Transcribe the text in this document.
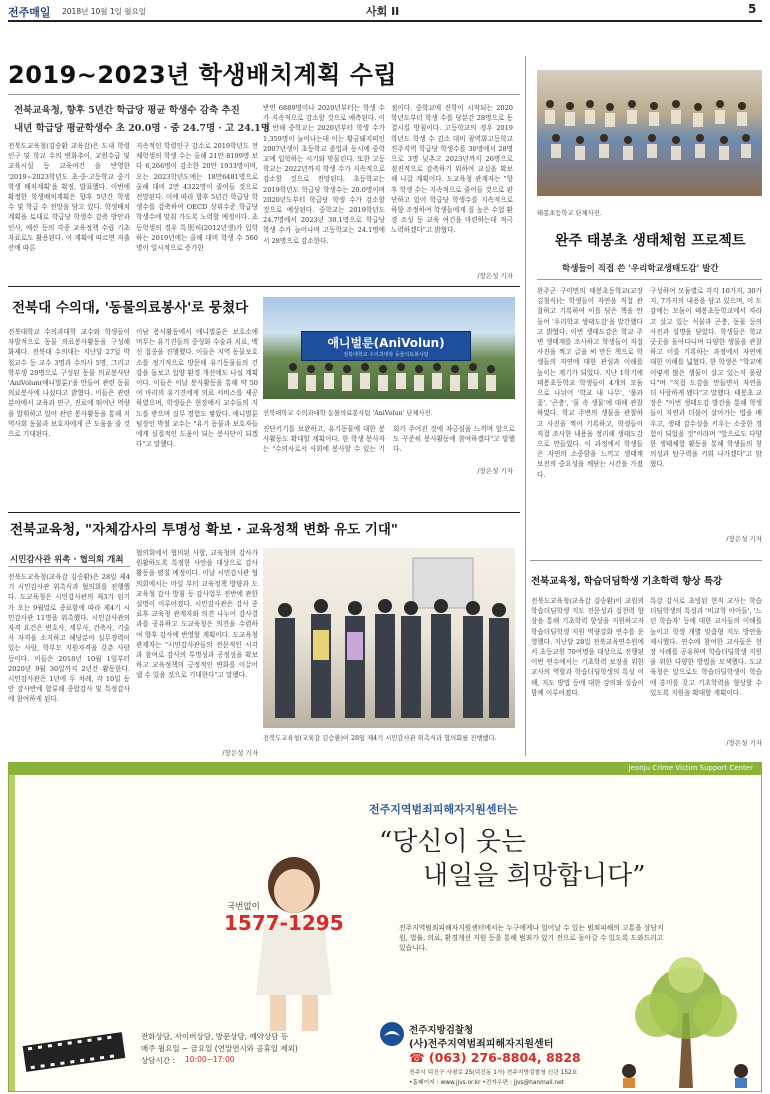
전주매일 2018년 10월 1일 월요일	사회 II	5
2019∼2023년 학생배치계획 수립
전북교육청, 향후 5년간 학급당 평균 학생수 감축 추진
내년 학급당 평균학생수 초 20.0명 · 중 24.7명 · 고 24.1명
전북도교육청(김승환 교육감)은 도내 학령인구 및 학교 수의 변화추이, 교원수급 및 교육시설 등 교육여건 을 반영한 '2019~2023학년도 초·중·고등학교 중기학생 배치계획'을 확정, 발표했다. 이번에 확정한 학생배치계획은 향후 5년간 학생 수 및 학급 수 전망을 담고 있다. 학생배치계획을 토대로 학급당 학생수 감축 방안과 인사, 예산 등의 각종 교육정책 수립 기초 자료로도 활용된다. 이 계획에 따르면 저출산에 따른
지속적인 학령인구 감소로 2019학년도 전체학생의 학생 수는 올해 21만 8199명 보다 6,266명이 감소한 20만 1933명이며, 오는 2023학년도에는 18만6481명으로 올해 대비 2만 4322명이 줄어들 것으로 전망된다. 이에 따라 향후 5년간 학급당 학생수를 감축하여 OECD 상위수준 학급당 학생수에 맞춰 가도록 노력할 예정이다. 초등학생의 경우 특別히(2012년생)가 입학하는 2019년에는 올해 대비 학생 수 560명이 일시적으로 증가한
반면 6889명이나 2020년부터는 학생 수가 지속적으로 감소할 것으로 예측된다. 이에 반해 중학교는 2020년부터 학생 수가 1,359명이 늘어나는데 이는 황금돼지띠인 2007년생이 초등학교 졸업과 동시에 중학교에 입학하는 시기와 맞물린다. 또한 고등학교는 2022년까지 학생 수가 지속적으로 감소할 것으로 전망된다. 초등학교는 2019학년도 학급당 학생수는 20.0명이며 2020년도부터 학급당 학생 수가 감소할 것으로 예상된다. 중학교는 2019학년도 24.7명에서 2023년 30.1명으로 학급당 학생 수가 늘어나며 고등학교는 24.1명에서 28명으로 감소한다.
점이다. 중학교에 진학이 시작되는 2020학년도부터 학생 수를 당분간 28명으로 동결시킬 방침이다. 고등학교의 경우 2019학년도 학생 수 감소 대비 광역화고등학교 진주지역 학급당 학생수를 30명에서 28명으로 3명 낮추고 2023년까지 26명으로 점진적으로 감축하기 위하여 교실을 확보해 나갈 계획이다. 도교육청 관계자는 "향후 학생 수는 지속적으로 줄어들 것으로 판단하고 있어 학급당 학생수를 지속적으로 하향 조정하여 학생들에게 질 높은 수업 환경 조성 등 교육 여건을 마련하는데 적극 노력하겠다"고 밝혔다.
/장은성 기자
태봉초등학교 단체사진.
완주 태봉초 생태체험 프로젝트
학생들이 직접 쓴 '우리학교생태도감' 발간
완주군 구이면의 태봉초등학교(교장 김철식)는 학생들이 자연을 직접 관찰하고 기록하여 이를 담은 책을 만들어 '우리학교 생태도감'을 발간했다고 밝혔다. 이번 생태도감은 학교 주변 생태계를 조사하고 학생들이 직접 사진을 찍고 글을 써 만든 책으로 학생들의 자연에 대한 관심과 이해를 높이는 계기가 되었다. 지난 1학기에 태봉초등학교 학생들이 4개의 모둠으로 나뉘어 '학교 내 나무', '풀과 꽃', '곤충', '물 속 생물'에 대해 관찰하였다. 학교 주변의 생물을 관찰하고 사진을 찍어 기록하고, 학생들이 직접 조사한 내용을 정리해 생태도감으로 만들었다. 이 과정에서 학생들은 자연의 소중함을 느끼고 생태계 보전의 중요성을 깨닫는 시간을 가졌다.
구성하여 모둠별로 각각 10가지, 30가지, 7가지의 내용을 담고 있으며, 이 도감에는 모둠이 태봉초등학교에서 자라고 살고 있는 식물과 곤충, 동물 등의 사진과 설명을 담았다. 학생들은 학교 곳곳을 돌아다니며 다양한 생물을 관찰하고 이를 기록하는 과정에서 자연에 대한 이해를 넓혔다. 한 학생은 "학교에 이렇게 많은 생물이 살고 있는지 몰랐다"며 "직접 도감을 만들면서 자연을 더 사랑하게 됐다"고 말했다. 태봉초 교장은 "이번 생태도감 발간을 통해 학생들이 자연과 더불어 살아가는 법을 배우고, 생태 감수성을 키우는 소중한 경험이 되었을 것"이라며 "앞으로도 다양한 생태체험 활동을 통해 학생들의 창의성과 탐구력을 키워 나가겠다"고 밝혔다.
/장은성 기자
전북대 수의대, '동물의료봉사'로 뭉쳤다
전북대학교 수의과대학 교수와 학생들이 자발적으로 동물 의료봉사활동을 구성해 화제다. 전북대 수의대는 지난달 27일 박철교수 등 교수 3명과 수의사 5명, 그리고 학부생 20명으로 구성된 동물 의료봉사단 'AniVolun(애니벌룬)'을 만들어 관련 동물의료봉사에 나섰다고 밝혔다. 이들은 관련 분야에서 교육과 연구, 진료에 뛰어난 역량을 발휘하고 있어 관련 봉사활동을 통해 지역사회 동물과 보호자에게 큰 도움을 줄 것으로 기대된다.
이남 봉사활동에서 애니벌룬은 보호소에 머무는 유기견들의 중성화 수술과 치료, 백신 접종을 진행했다. 이들은 지역 동물보호소를 정기적으로 방문해 유기동물들의 건강을 돌보고 입양 환경 개선에도 나설 계획이다. 이들은 이날 봉사활동을 통해 약 50여 마리의 유기견에게 의료 서비스를 제공하였으며, 학생들은 현장에서 교수들의 지도를 받으며 실무 경험도 쌓았다. 애니벌룬 팀장인 박철 교수는 "유기 동물과 보호자들에게 실질적인 도움이 되는 봉사단이 되겠다"고 말했다.
애니벌룬(AniVolun)
전북대학교 수의과대학 동물의료봉사팀
전북대학교 수의과대학 동물의료봉사팀 'AniVolun' 단체사진.
진단키기를 보완하고, 유기동물에 대한 봉사활동도 확대할 계획이다. 한 학생 봉사자는 "수의사로서 사회에 봉사할 수 있는 기회가 주어진 것에 자긍심을 느끼며 앞으로도 꾸준히 봉사활동에 참여하겠다"고 말했다.
/장은성 기자
전북교육청, "자체감사의 투명성 확보 · 교육정책 변화 유도 기대"
시민감사관 위촉 · 협의회 개최
전북도교육청(교육감 김승환)은 28일 제4기 시민감사관 위촉식과 협의회를 진행했다. 도교육청은 시민감사관의 제3기 임기가 오는 9월말로 종료함에 따라 제4기 시민감사관 11명을 위촉했다. 시민감사관의 자격 요건은 변호사, 세무사, 건축사, 기술사 자격을 소지하고 해당분야 실무경력이 있는 사람, 학부모 지원자격을 갖춘 사람 등이다. 이들은 2018년 10월 1일부터 2020년 9월 30일까지 2년간 활동한다. 시민감사관은 1년에 두 차례, 각 10일 동안 감사반에 합류해 종합감사 및 특정감사에 참여하게 된다.
협의회에서 협의된 사항, 교육청의 감사가 원활하도록 특정한 사안을 대상으로 감사활동을 펼칠 예정이다. 이날 시민감사관 협의회에서는 마일 부터 교육정책 방향과 도교육청 감사 방침 등 감사업무 전반에 관한 설명이 이루어졌다. 시민감사관은 감사 종료후 교육청 관계자와 의견 나누어 감사결과를 공유하고 도교육청은 의견을 수렴하여 향후 감사에 반영할 계획이다. 도교육청 관계자는 "시민감사관들의 전문적인 시각과 참여로 감사의 투명성과 공정성을 확보하고 교육정책의 긍정적인 변화를 이끌어 낼 수 있을 것으로 기대한다"고 말했다.
/장은성 기자
전북도교육청(교육감 김승환)이 28일 제4기 시민감사관 위촉식과 협의회를 진행했다.
전북교육청, 학습더딤학생 기초학력 향상 특강
전북도교육청(교육감 김승환)이 교원의 학습더딤학생 지도 전문성과 실천력 향상을 통해 기초학력 향상을 지원하고자 학습더딤학생 지원 역량강화 연수를 운영했다. 지난달 28일 전북교육연수원에서 초등교원 70여명을 대상으로 진행된 이번 연수에서는 기초학력 보장을 위한 교사의 역할과 학습더딤학생의 특성 이해, 지도 방법 등에 대한 강의와 실습이 함께 이루어졌다.
특강 강사로 초빙된 현직 교사는 학습더딤학생의 특성과 '비교학 아이들', '느린 학습자' 등에 대한 교사들의 이해를 높이고 학생 개별 맞춤형 지도 방안을 제시했다. 연수에 참여한 교사들은 현장 사례를 공유하며 학습더딤학생 지원을 위한 다양한 방법을 모색했다. 도교육청은 앞으로도 학습더딤학생이 학습에 흥미를 갖고 기초학력을 향상할 수 있도록 지원을 확대할 계획이다.
/장은성 기자
Jeonju Crime Victim Support Center
전주지역범죄피해자지원센터는
“당신이 웃는
내일을 희망합니다”
전주지역범죄피해자지원센터에서는 누구에게나 일어날 수 있는 범죄피해의 고통을 상담지원, 법률, 의료, 환경개선 지원 등을 통해 범죄가 있기 전으로 돌아갈 수 있도록 도와드리고 있습니다.
국번없이
1577-1295
전화상담, 사이버상담, 방문상담, 예약상담 등
매주 월요일 ~ 금요일 (연말연시와 공휴일 제외)
상담시간 : 10:00~17:00
전주지방검찰청
(사)전주지역범죄피해자지원센터
☎ (063) 276-8804, 8828
전주시 덕진구 사평로 25(덕진동 1가) 전주지방검찰청 신관 152호
•홈페이지 : www.jjvs.or.kr •전자우편 : jjvs@hanmail.net
